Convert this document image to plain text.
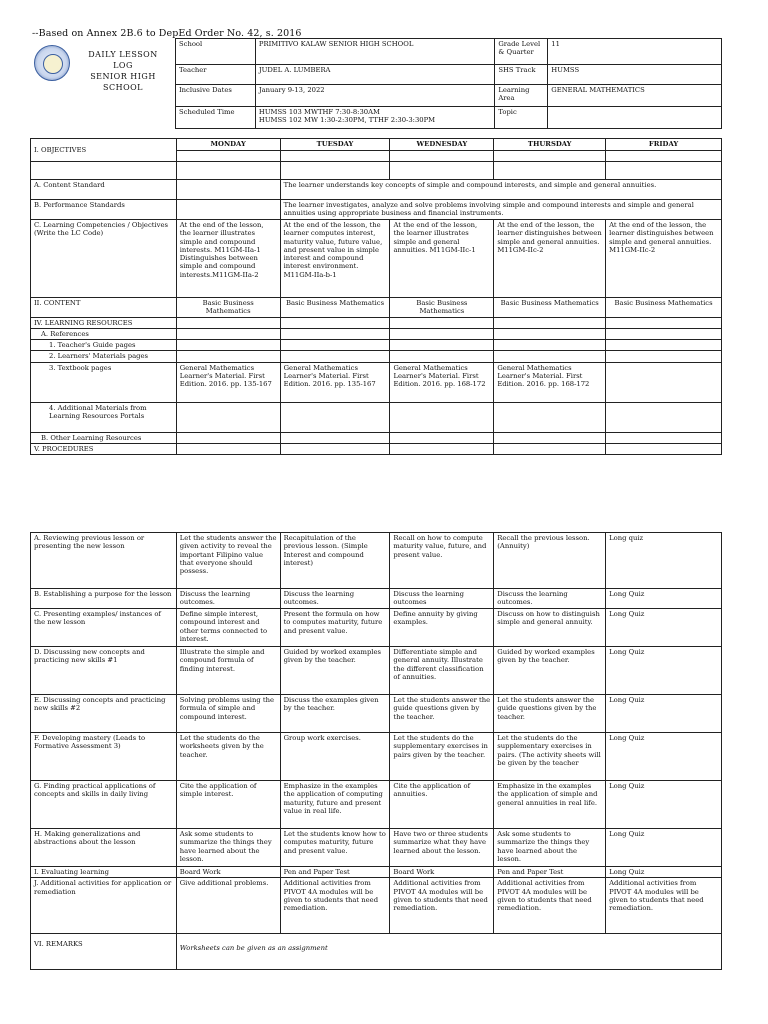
--Based on Annex 2B.6 to DepEd Order No. 42, s. 2016
DAILY LESSON
LOG
SENIOR HIGH SCHOOL
School	PRIMITIVO KALAW SENIOR HIGH SCHOOL	Grade Level & Quarter	11
Teacher	JUDEL A. LUMBERA	SHS Track	HUMSS
Inclusive Dates	January 9-13, 2022	Learning Area	GENERAL MATHEMATICS
Scheduled Time	HUMSS 103 MWTHF 7:30-8:30AM
HUMSS 102 MW 1:30-2:30PM, TTHF 2:30-3:30PM	Topic	
I. OBJECTIVES	MONDAY	TUESDAY	WEDNESDAY	THURSDAY	FRIDAY

A. Content Standard		The learner understands key concepts of simple and compound interests, and simple and general annuities.			
B. Performance Standards		The learner investigates, analyze and solve problems involving simple and compound interests and simple and general annuities using appropriate business and financial instruments.			
C. Learning Competencies / Objectives (Write the LC Code)	At the end of the lesson, the learner illustrates simple and compound interests. M11GM-IIa-1 Distinguishes between simple and compound interests.M11GM-IIa-2	At the end of the lesson, the learner computes interest, maturity value, future value, and present value in simple interest and compound interest environment. M11GM-IIa-b-1	At the end of the lesson, the learner illustrates simple and general annuities. M11GM-IIc-1	At the end of the lesson, the learner distinguishes between simple and general annuities. M11GM-IIc-2	At the end of the lesson, the learner distinguishes between simple and general annuities. M11GM-IIc-2
II. CONTENT	Basic Business Mathematics	Basic Business Mathematics	Basic Business Mathematics	Basic Business Mathematics	Basic Business Mathematics
IV. LEARNING RESOURCES					
A. References					
1. Teacher's Guide pages					
2. Learners' Materials pages					
3. Textbook pages	General Mathematics Learner's Material. First Edition. 2016. pp. 135-167	General Mathematics Learner's Material. First Edition. 2016. pp. 135-167	General Mathematics Learner's Material. First Edition. 2016. pp. 168-172	General Mathematics Learner's Material. First Edition. 2016. pp. 168-172	
4. Additional Materials from Learning Resources Portals					
B. Other Learning Resources					
V. PROCEDURES					
A. Reviewing previous lesson or presenting the new lesson	Let the students answer the given activity to reveal the important Filipino value that everyone should possess.	Recapitulation of the previous lesson. (Simple Interest and compound interest)	Recall on how to compute maturity value, future, and present value.	Recall the previous lesson. (Annuity)	Long quiz
B. Establishing a purpose for the lesson	Discuss the learning outcomes.	Discuss the learning outcomes.	Discuss the learning outcomes	Discuss the learning outcomes.	Long Quiz
C. Presenting examples/ instances of the new lesson	Define simple interest, compound interest and other terms connected to interest.	Present the formula on how to computes maturity, future and present value.	Define annuity by giving examples.	Discuss on how to distinguish simple and general annuity.	Long Quiz
D. Discussing new concepts and practicing new skills #1	Illustrate the simple and compound formula of finding interest.	Guided by worked examples given by the teacher.	Differentiate simple and general annuity. Illustrate the different classification of annuities.	Guided by worked examples given by the teacher.	Long Quiz
E. Discussing concepts and practicing new skills #2	Solving problems using the formula of simple and compound interest.	Discuss the examples given by the teacher.	Let the students answer the guide questions given by the teacher.	Let the students answer the guide questions given by the teacher.	Long Quiz
F. Developing mastery (Leads to Formative Assessment 3)	Let the students do the worksheets given by the teacher.	Group work exercises.	Let the students do the supplementary exercises in pairs given by the teacher.	Let the students do the supplementary exercises in pairs. (The activity sheets will be given by the teacher	Long Quiz
G. Finding practical applications of concepts and skills in daily living	Cite the application of simple interest.	Emphasize in the examples the application of computing maturity, future and present value in real life.	Cite the application of annuities.	Emphasize in the examples the application of simple and general annuities in real life.	Long Quiz
H. Making generalizations and abstractions about the lesson	Ask some students to summarize the things they have learned about the lesson.	Let the students know how to computes maturity, future and present value.	Have two or three students summarize what they have learned about the lesson.	Ask some students to summarize the things they have learned about the lesson.	Long Quiz
I. Evaluating learning	Board Work	Pen and Paper Test	Board Work	Pen and Paper Test	Long Quiz
J. Additional activities for application or remediation	Give additional problems.	Additional activities from PIVOT 4A modules will be given to students that need remediation.	Additional activities from PIVOT 4A modules will be given to students that need remediation.	Additional activities from PIVOT 4A modules will be given to students that need remediation.	Additional activities from PIVOT 4A modules will be given to students that need remediation.
VI. REMARKS	Worksheets can be given as an assignment				
